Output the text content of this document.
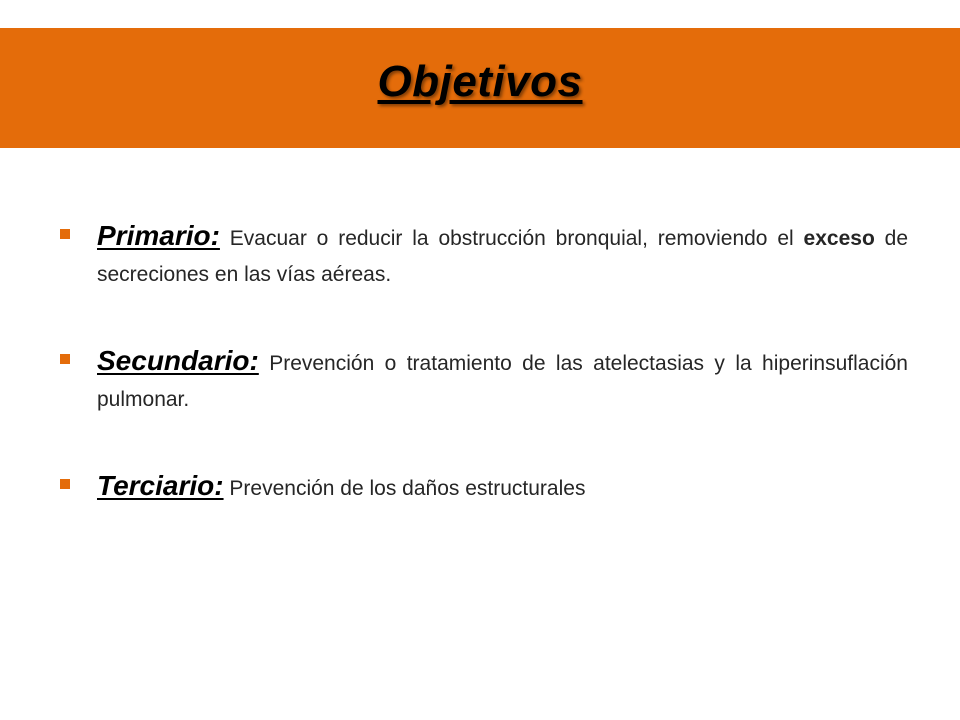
Objetivos
Primario: Evacuar o reducir la obstrucción bronquial, removiendo el exceso de secreciones en las vías aéreas.
Secundario: Prevención o tratamiento de las atelectasias y la hiperinsuflación pulmonar.
Terciario: Prevención de los daños estructurales
